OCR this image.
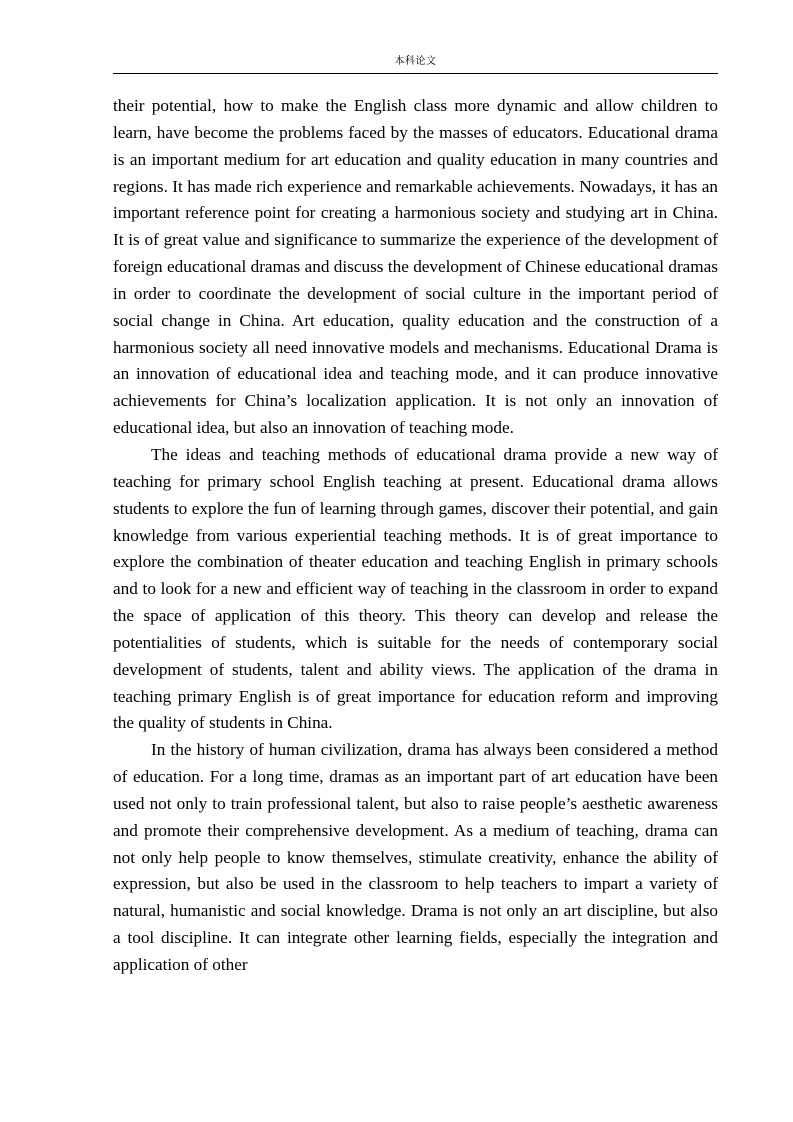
本科论文

their potential, how to make the English class more dynamic and allow children to learn, have become the problems faced by the masses of educators. Educational drama is an important medium for art education and quality education in many countries and regions. It has made rich experience and remarkable achievements. Nowadays, it has an important reference point for creating a harmonious society and studying art in China. It is of great value and significance to summarize the experience of the development of foreign educational dramas and discuss the development of Chinese educational dramas in order to coordinate the development of social culture in the important period of social change in China. Art education, quality education and the construction of a harmonious society all need innovative models and mechanisms. Educational Drama is an innovation of educational idea and teaching mode, and it can produce innovative achievements for China’s localization application. It is not only an innovation of educational idea, but also an innovation of teaching mode.

The ideas and teaching methods of educational drama provide a new way of teaching for primary school English teaching at present. Educational drama allows students to explore the fun of learning through games, discover their potential, and gain knowledge from various experiential teaching methods. It is of great importance to explore the combination of theater education and teaching English in primary schools and to look for a new and efficient way of teaching in the classroom in order to expand the space of application of this theory. This theory can develop and release the potentialities of students, which is suitable for the needs of contemporary social development of students, talent and ability views. The application of the drama in teaching primary English is of great importance for education reform and improving the quality of students in China.

In the history of human civilization, drama has always been considered a method of education. For a long time, dramas as an important part of art education have been used not only to train professional talent, but also to raise people’s aesthetic awareness and promote their comprehensive development. As a medium of teaching, drama can not only help people to know themselves, stimulate creativity, enhance the ability of expression, but also be used in the classroom to help teachers to impart a variety of natural, humanistic and social knowledge. Drama is not only an art discipline, but also a tool discipline. It can integrate other learning fields, especially the integration and application of other
